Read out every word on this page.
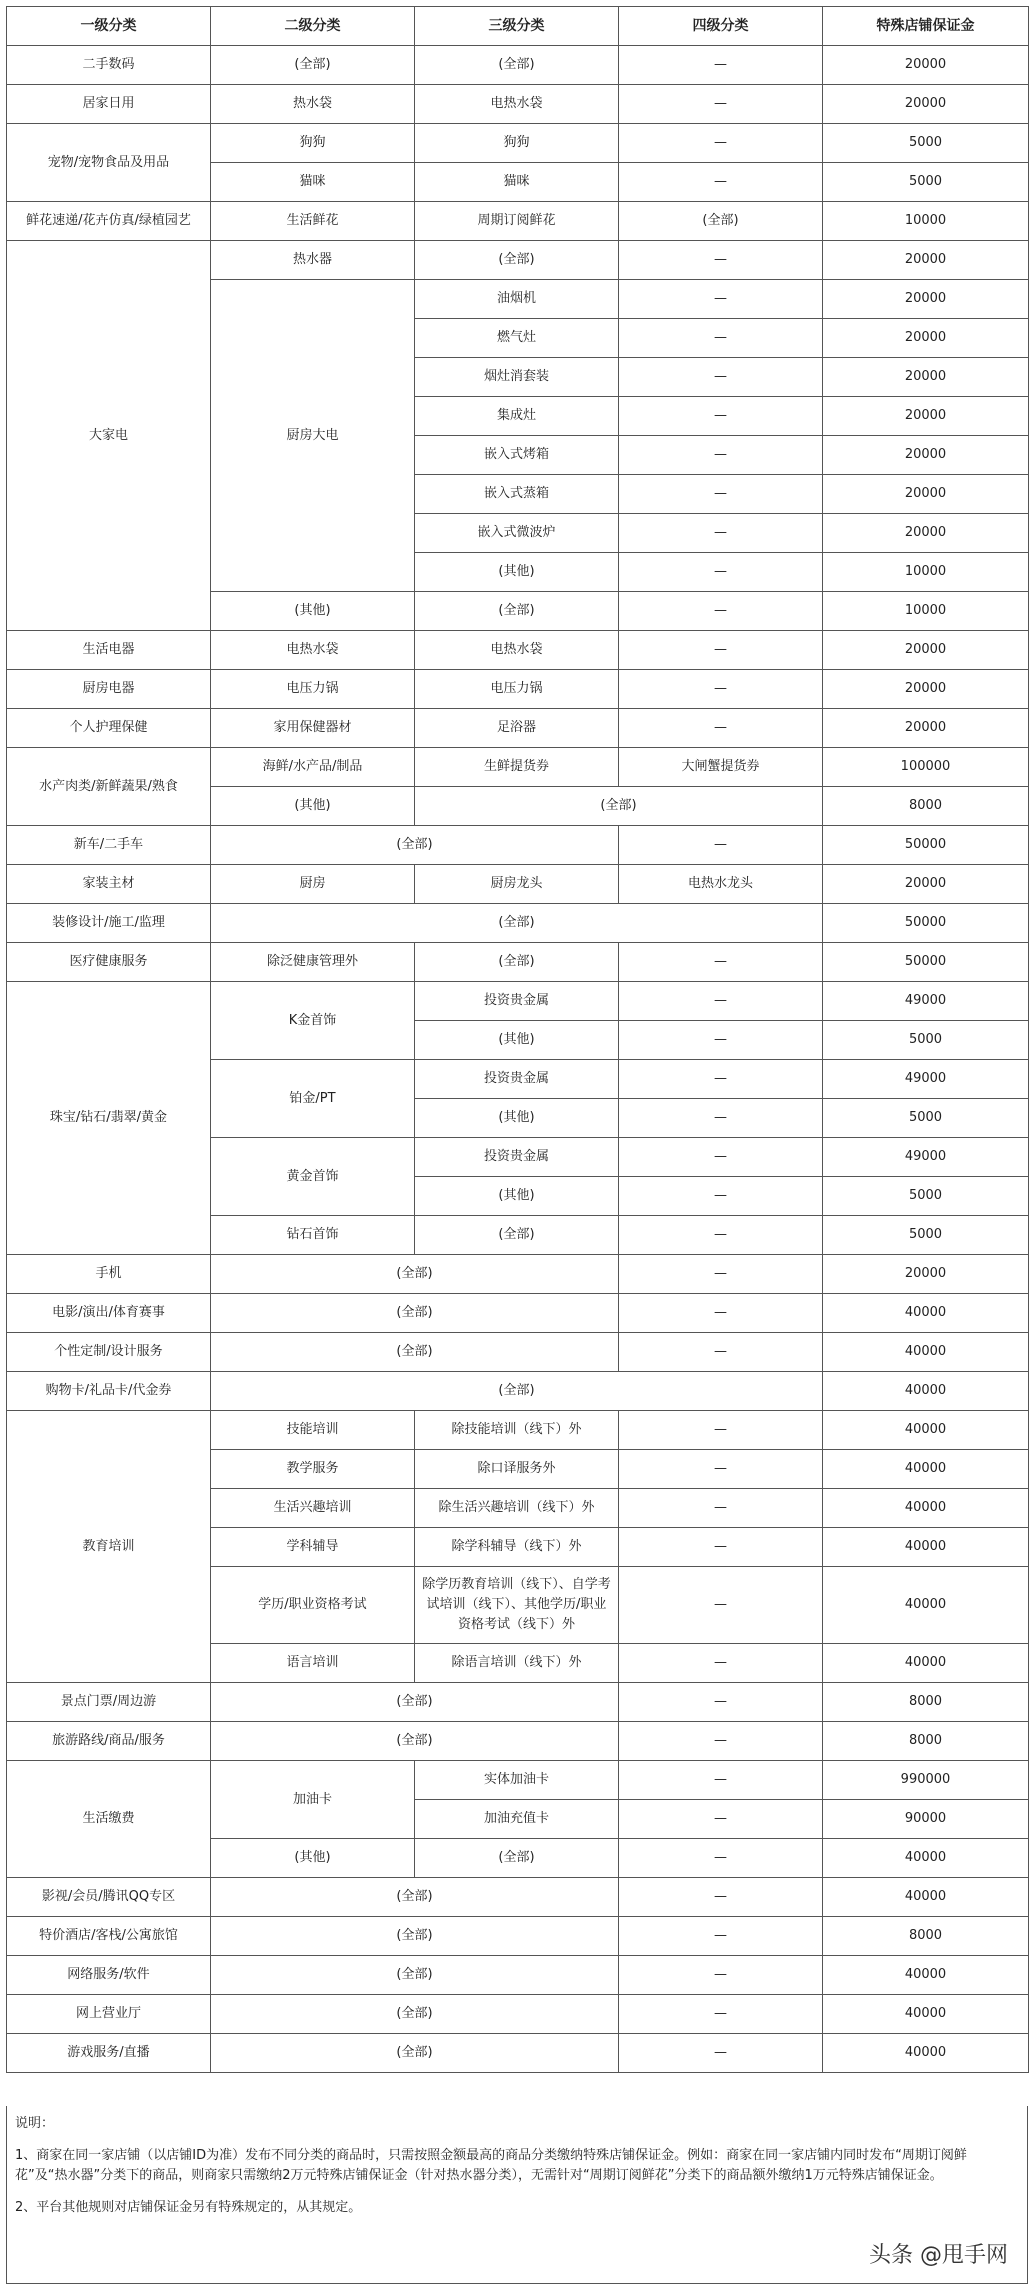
一级分类	二级分类	三级分类	四级分类	特殊店铺保证金
二手数码	(全部)	(全部)	—	20000
居家日用	热水袋	电热水袋	—	20000
宠物/宠物食品及用品	狗狗	狗狗	—	5000
	猫咪	猫咪	—	5000
鲜花速递/花卉仿真/绿植园艺	生活鲜花	周期订阅鲜花	(全部)	10000
大家电	热水器	(全部)	—	20000
	厨房大电	油烟机	—	20000
		燃气灶	—	20000
		烟灶消套装	—	20000
		集成灶	—	20000
		嵌入式烤箱	—	20000
		嵌入式蒸箱	—	20000
		嵌入式微波炉	—	20000
		(其他)	—	10000
	(其他)	(全部)	—	10000
生活电器	电热水袋	电热水袋	—	20000
厨房电器	电压力锅	电压力锅	—	20000
个人护理保健	家用保健器材	足浴器	—	20000
水产肉类/新鲜蔬果/熟食	海鲜/水产品/制品	生鲜提货券	大闸蟹提货券	100000
	(其他)	(全部)		8000
新车/二手车	(全部)		—	50000
家装主材	厨房	厨房龙头	电热水龙头	20000
装修设计/施工/监理	(全部)			50000
医疗健康服务	除泛健康管理外	(全部)	—	50000
珠宝/钻石/翡翠/黄金	K金首饰	投资贵金属	—	49000
		(其他)	—	5000
	铂金/PT	投资贵金属	—	49000
		(其他)	—	5000
	黄金首饰	投资贵金属	—	49000
		(其他)	—	5000
	钻石首饰	(全部)	—	5000
手机	(全部)		—	20000
电影/演出/体育赛事	(全部)		—	40000
个性定制/设计服务	(全部)		—	40000
购物卡/礼品卡/代金券	(全部)			40000
教育培训	技能培训	除技能培训（线下）外	—	40000
	教学服务	除口译服务外	—	40000
	生活兴趣培训	除生活兴趣培训（线下）外	—	40000
	学科辅导	除学科辅导（线下）外	—	40000
	学历/职业资格考试	除学历教育培训（线下）、自学考试培训（线下）、其他学历/职业资格考试（线下）外	—	40000
	语言培训	除语言培训（线下）外	—	40000
景点门票/周边游	(全部)		—	8000
旅游路线/商品/服务	(全部)		—	8000
生活缴费	加油卡	实体加油卡	—	990000
		加油充值卡	—	90000
	(其他)	(全部)	—	40000
影视/会员/腾讯QQ专区	(全部)		—	40000
特价酒店/客栈/公寓旅馆	(全部)		—	8000
网络服务/软件	(全部)		—	40000
网上营业厅	(全部)		—	40000
游戏服务/直播	(全部)		—	40000

说明：

1、商家在同一家店铺（以店铺ID为准）发布不同分类的商品时，只需按照金额最高的商品分类缴纳特殊店铺保证金。例如：商家在同一家店铺内同时发布“周期订阅鲜花”及“热水器”分类下的商品，则商家只需缴纳2万元特殊店铺保证金（针对热水器分类），无需针对“周期订阅鲜花”分类下的商品额外缴纳1万元特殊店铺保证金。

2、平台其他规则对店铺保证金另有特殊规定的，从其规定。

头条 @甩手网
